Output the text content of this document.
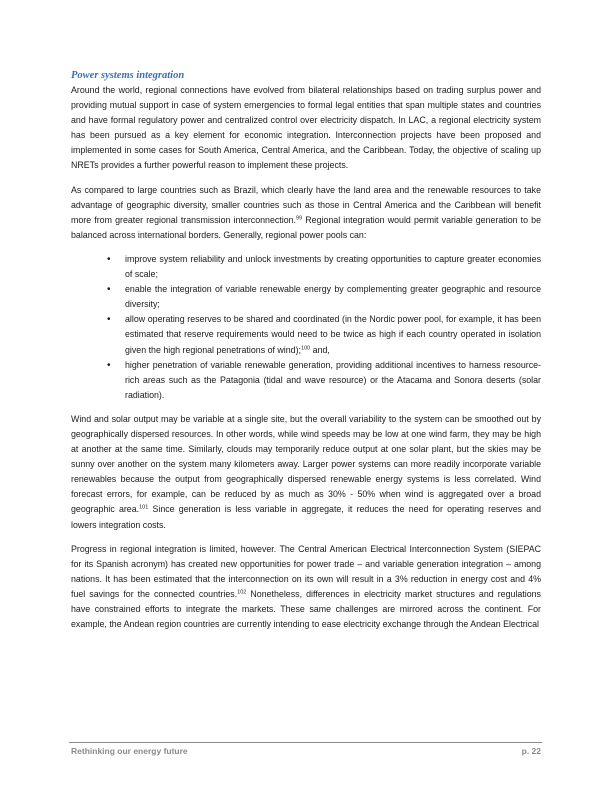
Power systems integration

Around the world, regional connections have evolved from bilateral relationships based on trading surplus power and providing mutual support in case of system emergencies to formal legal entities that span multiple states and countries and have formal regulatory power and centralized control over electricity dispatch. In LAC, a regional electricity system has been pursued as a key element for economic integration. Interconnection projects have been proposed and implemented in some cases for South America, Central America, and the Caribbean. Today, the objective of scaling up NRETs provides a further powerful reason to implement these projects.

As compared to large countries such as Brazil, which clearly have the land area and the renewable resources to take advantage of geographic diversity, smaller countries such as those in Central America and the Caribbean will benefit more from greater regional transmission interconnection.$^{99}$ Regional integration would permit variable generation to be balanced across international borders. Generally, regional power pools can:

• improve system reliability and unlock investments by creating opportunities to capture greater economies of scale;
• enable the integration of variable renewable energy by complementing greater geographic and resource diversity;
• allow operating reserves to be shared and coordinated (in the Nordic power pool, for example, it has been estimated that reserve requirements would need to be twice as high if each country operated in isolation given the high regional penetrations of wind);$^{100}$ and,
• higher penetration of variable renewable generation, providing additional incentives to harness resource-rich areas such as the Patagonia (tidal and wave resource) or the Atacama and Sonora deserts (solar radiation).

Wind and solar output may be variable at a single site, but the overall variability to the system can be smoothed out by geographically dispersed resources. In other words, while wind speeds may be low at one wind farm, they may be high at another at the same time. Similarly, clouds may temporarily reduce output at one solar plant, but the skies may be sunny over another on the system many kilometers away. Larger power systems can more readily incorporate variable renewables because the output from geographically dispersed renewable energy systems is less correlated. Wind forecast errors, for example, can be reduced by as much as 30% - 50% when wind is aggregated over a broad geographic area.$^{101}$ Since generation is less variable in aggregate, it reduces the need for operating reserves and lowers integration costs.

Progress in regional integration is limited, however. The Central American Electrical Interconnection System (SIEPAC for its Spanish acronym) has created new opportunities for power trade – and variable generation integration – among nations. It has been estimated that the interconnection on its own will result in a 3% reduction in energy cost and 4% fuel savings for the connected countries.$^{102}$ Nonetheless, differences in electricity market structures and regulations have constrained efforts to integrate the markets. These same challenges are mirrored across the continent. For example, the Andean region countries are currently intending to ease electricity exchange through the Andean Electrical

Rethinking our energy future	p. 22
